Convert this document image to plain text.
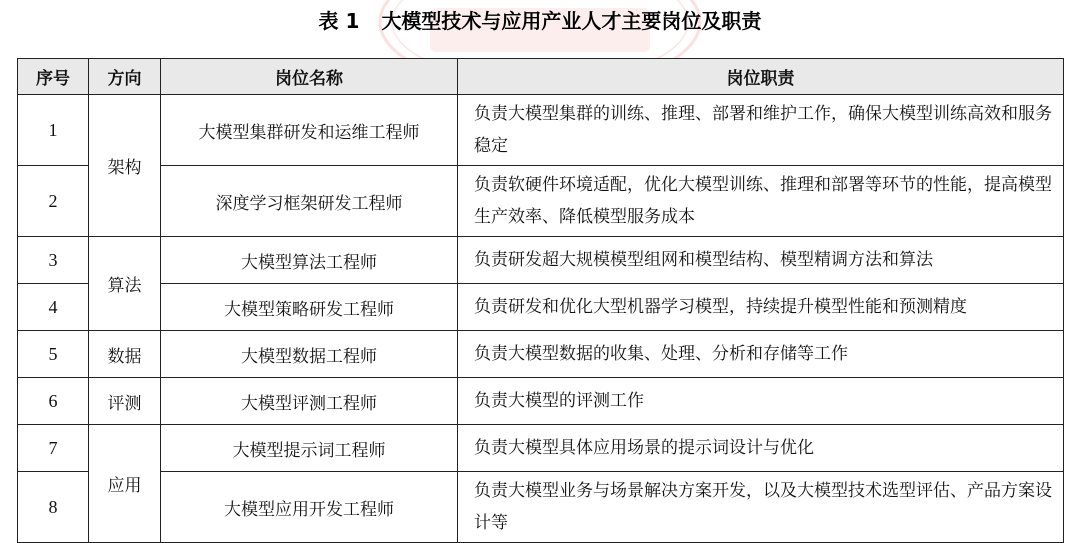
表 1 大模型技术与应用产业人才主要岗位及职责
序号	方向	岗位名称	岗位职责
1	架构	大模型集群研发和运维工程师	负责大模型集群的训练、推理、部署和维护工作，确保大模型训练高效和服务稳定
2		深度学习框架研发工程师	负责软硬件环境适配，优化大模型训练、推理和部署等环节的性能，提高模型生产效率、降低模型服务成本
3	算法	大模型算法工程师	负责研发超大规模模型组网和模型结构、模型精调方法和算法
4		大模型策略研发工程师	负责研发和优化大型机器学习模型，持续提升模型性能和预测精度
5	数据	大模型数据工程师	负责大模型数据的收集、处理、分析和存储等工作
6	评测	大模型评测工程师	负责大模型的评测工作
7	应用	大模型提示词工程师	负责大模型具体应用场景的提示词设计与优化
8		大模型应用开发工程师	负责大模型业务与场景解决方案开发，以及大模型技术选型评估、产品方案设计等
